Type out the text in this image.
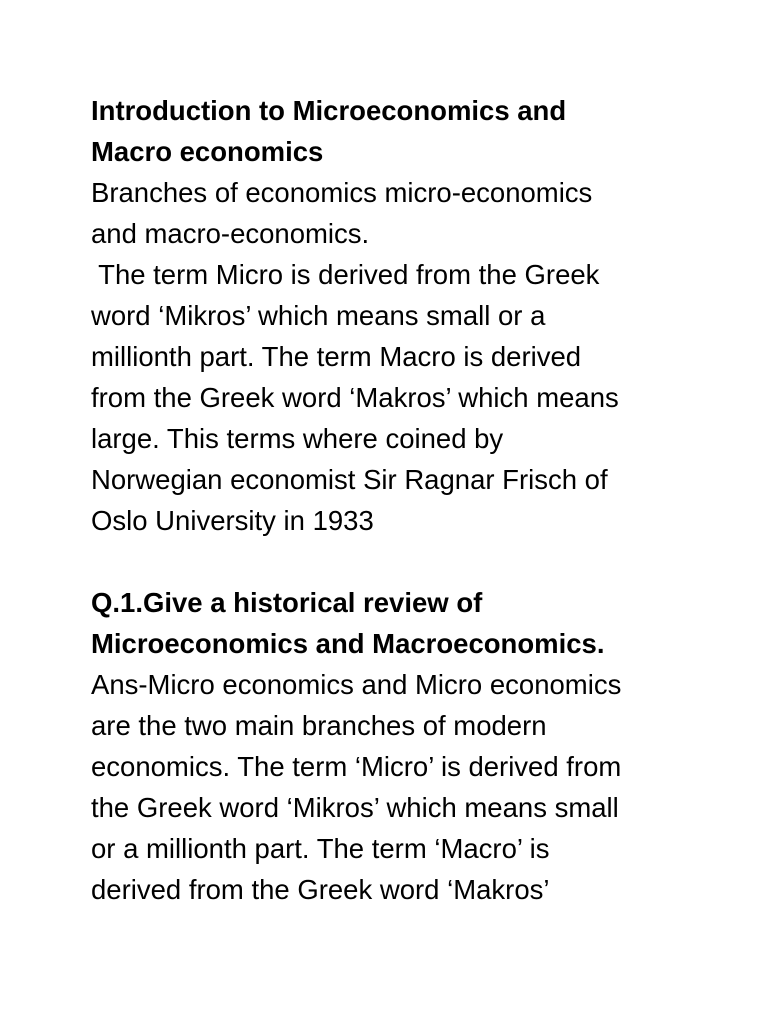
Introduction to Microeconomics and
Macro economics
Branches of economics micro-economics
and macro-economics.
The term Micro is derived from the Greek
word ‘Mikros’ which means small or a
millionth part. The term Macro is derived
from the Greek word ‘Makros’ which means
large. This terms where coined by
Norwegian economist Sir Ragnar Frisch of
Oslo University in 1933
Q.1.Give a historical review of
Microeconomics and Macroeconomics.
Ans-Micro economics and Micro economics
are the two main branches of modern
economics. The term ‘Micro’ is derived from
the Greek word ‘Mikros’ which means small
or a millionth part. The term ‘Macro’ is
derived from the Greek word ‘Makros’
